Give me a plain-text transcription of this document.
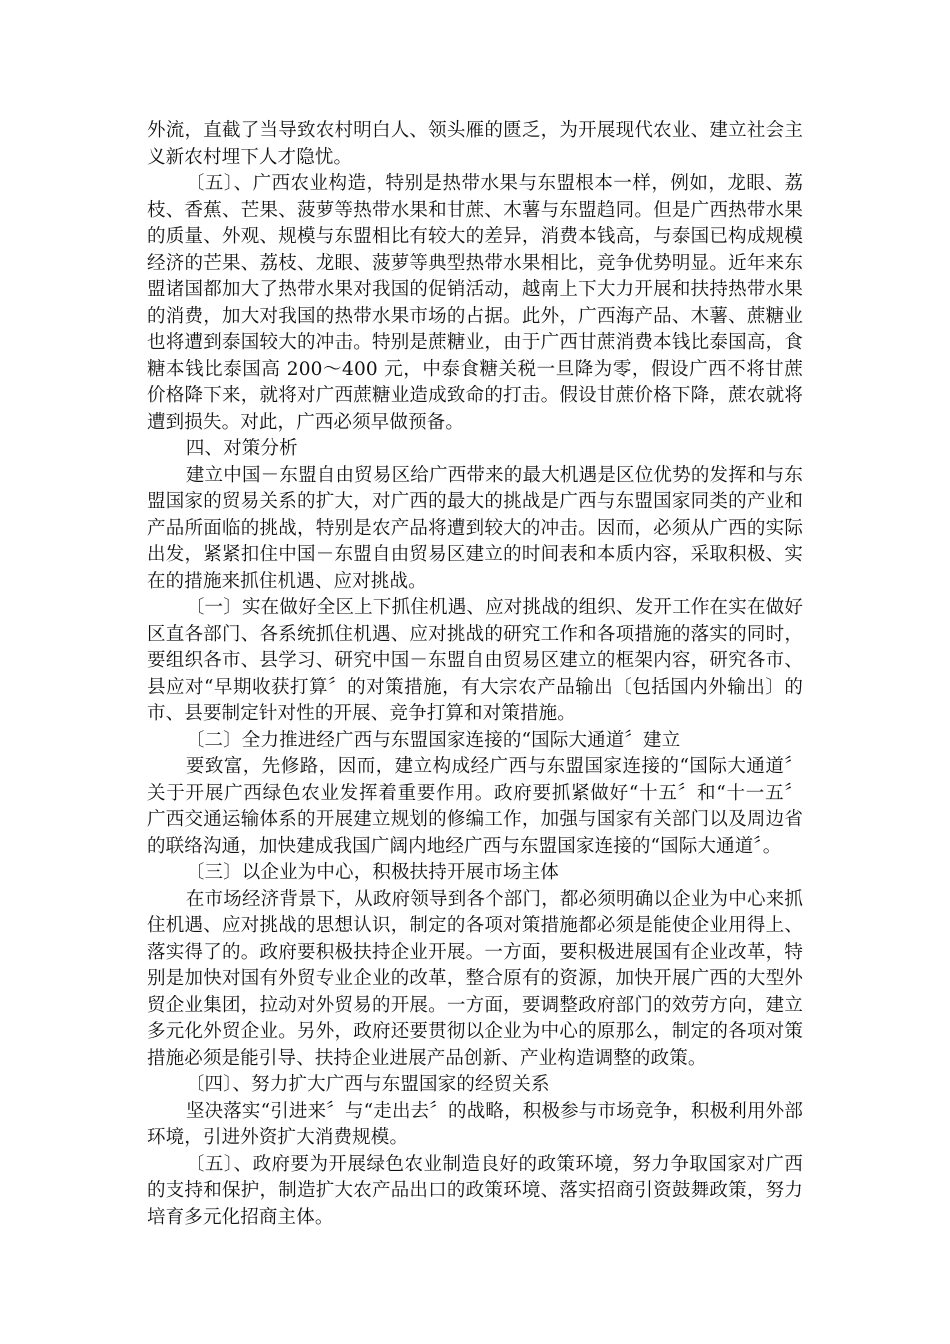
外流，直截了当导致农村明白人、领头雁的匮乏，为开展现代农业、建立社会主义新农村埋下人才隐忧。

〔五〕、广西农业构造，特别是热带水果与东盟根本一样，例如，龙眼、荔枝、香蕉、芒果、菠萝等热带水果和甘蔗、木薯与东盟趋同。但是广西热带水果的质量、外观、规模与东盟相比有较大的差异，消费本钱高，与泰国已构成规模经济的芒果、荔枝、龙眼、菠萝等典型热带水果相比，竞争优势明显。近年来东盟诸国都加大了热带水果对我国的促销活动，越南上下大力开展和扶持热带水果的消费，加大对我国的热带水果市场的占据。此外，广西海产品、木薯、蔗糖业也将遭到泰国较大的冲击。特别是蔗糖业，由于广西甘蔗消费本钱比泰国高，食糖本钱比泰国高 200～400 元，中泰食糖关税一旦降为零，假设广西不将甘蔗价格降下来，就将对广西蔗糖业造成致命的打击。假设甘蔗价格下降，蔗农就将遭到损失。对此，广西必须早做预备。

四、对策分析

建立中国－东盟自由贸易区给广西带来的最大机遇是区位优势的发挥和与东盟国家的贸易关系的扩大，对广西的最大的挑战是广西与东盟国家同类的产业和产品所面临的挑战，特别是农产品将遭到较大的冲击。因而，必须从广西的实际出发，紧紧扣住中国－东盟自由贸易区建立的时间表和本质内容，采取积极、实在的措施来抓住机遇、应对挑战。

〔一〕实在做好全区上下抓住机遇、应对挑战的组织、发开工作在实在做好区直各部门、各系统抓住机遇、应对挑战的研究工作和各项措施的落实的同时，要组织各市、县学习、研究中国－东盟自由贸易区建立的框架内容，研究各市、县应对“早期收获打算〞的对策措施，有大宗农产品输出〔包括国内外输出〕的市、县要制定针对性的开展、竞争打算和对策措施。

〔二〕全力推进经广西与东盟国家连接的“国际大通道〞建立

要致富，先修路，因而，建立构成经广西与东盟国家连接的“国际大通道〞关于开展广西绿色农业发挥着重要作用。政府要抓紧做好“十五〞和“十一五〞 广西交通运输体系的开展建立规划的修编工作，加强与国家有关部门以及周边省的联络沟通，加快建成我国广阔内地经广西与东盟国家连接的“国际大通道〞。

〔三〕以企业为中心，积极扶持开展市场主体

在市场经济背景下，从政府领导到各个部门，都必须明确以企业为中心来抓住机遇、应对挑战的思想认识，制定的各项对策措施都必须是能使企业用得上、落实得了的。政府要积极扶持企业开展。一方面，要积极进展国有企业改革，特别是加快对国有外贸专业企业的改革，整合原有的资源，加快开展广西的大型外贸企业集团，拉动对外贸易的开展。一方面，要调整政府部门的效劳方向，建立多元化外贸企业。另外，政府还要贯彻以企业为中心的原那么，制定的各项对策措施必须是能引导、扶持企业进展产品创新、产业构造调整的政策。

〔四〕、努力扩大广西与东盟国家的经贸关系

坚决落实“引进来〞与“走出去〞的战略，积极参与市场竞争，积极利用外部环境，引进外资扩大消费规模。

〔五〕、政府要为开展绿色农业制造良好的政策环境，努力争取国家对广西的支持和保护，制造扩大农产品出口的政策环境、落实招商引资鼓舞政策，努力培育多元化招商主体。
